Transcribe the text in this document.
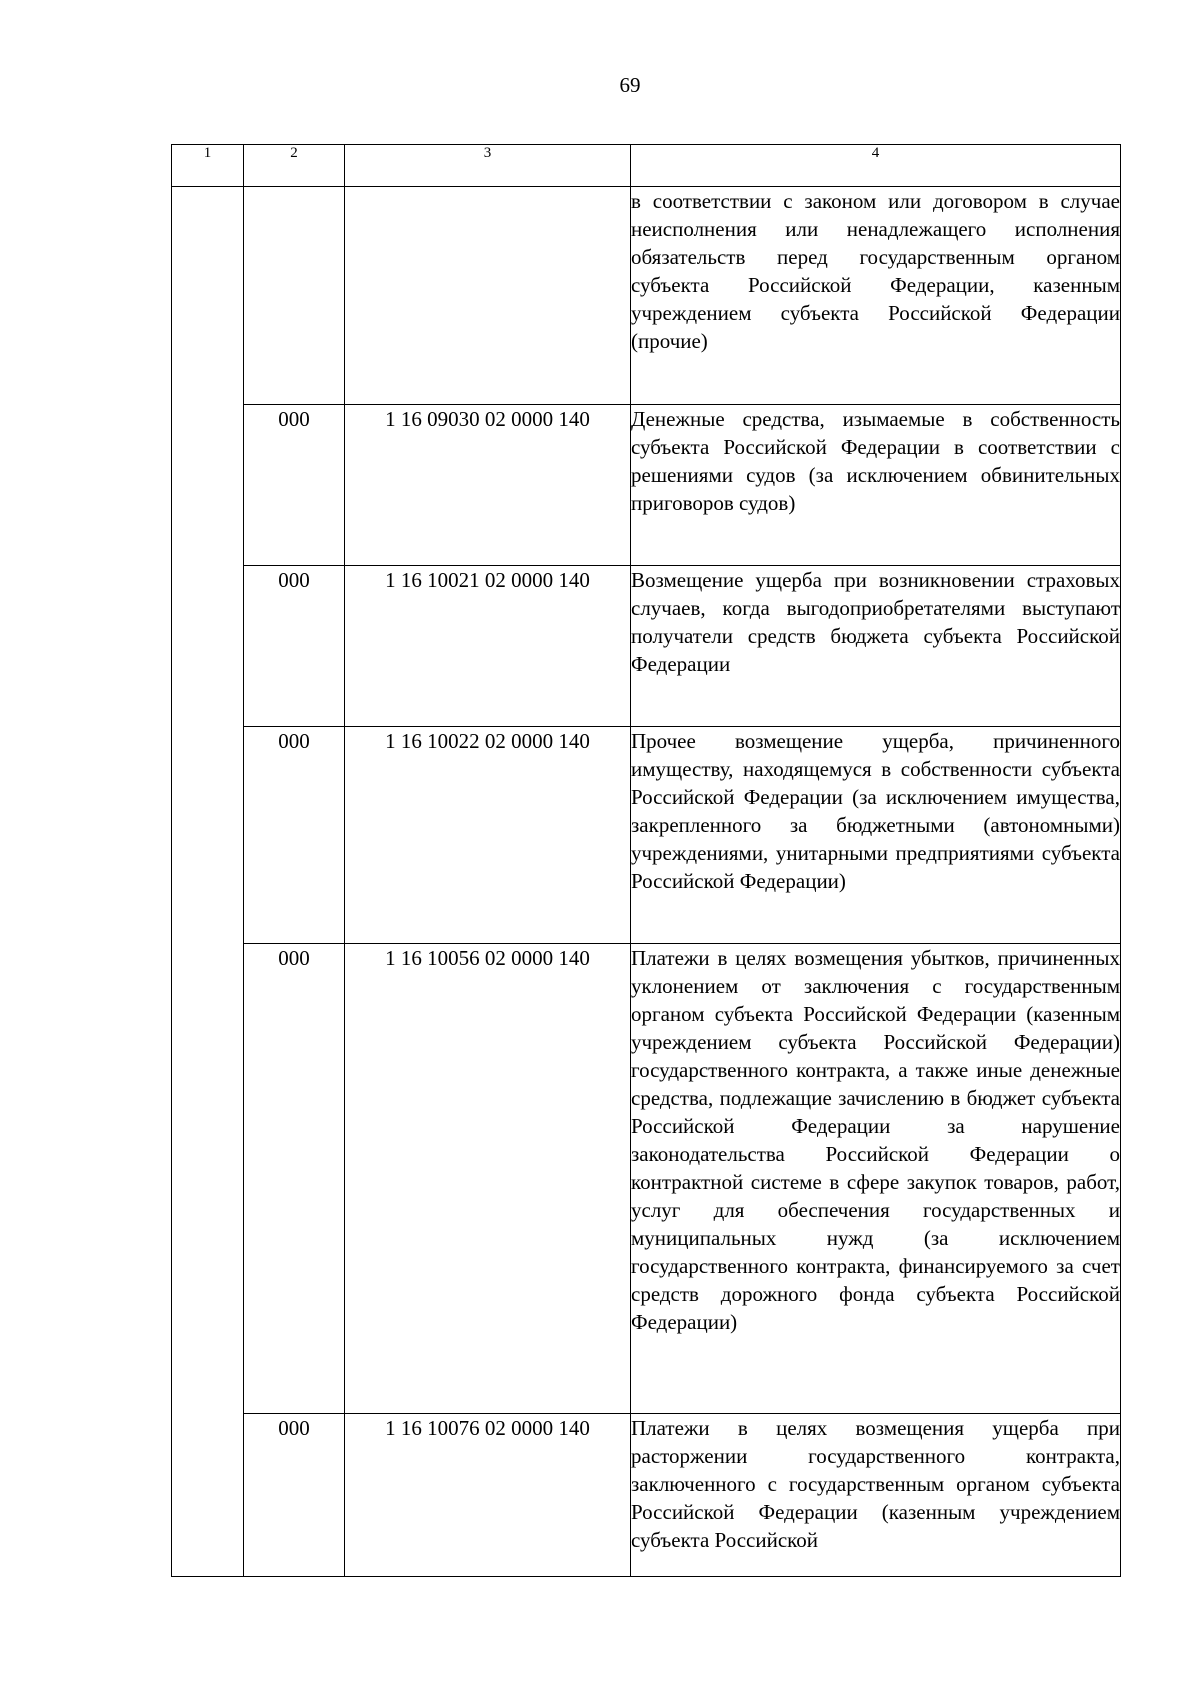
69
1	2	3	4

			в соответствии с законом или договором в случае неисполнения или ненадлежащего исполнения обязательств перед государственным органом субъекта Российской Федерации, казенным учреждением субъекта Российской Федерации (прочие)

	000	1 16 09030 02 0000 140	Денежные средства, изымаемые в собственность субъекта Российской Федерации в соответствии с решениями судов (за исключением обвинительных приговоров судов)

	000	1 16 10021 02 0000 140	Возмещение ущерба при возникновении страховых случаев, когда выгодоприобретателями выступают получатели средств бюджета субъекта Российской Федерации

	000	1 16 10022 02 0000 140	Прочее возмещение ущерба, причиненного имуществу, находящемуся в собственности субъекта Российской Федерации (за исключением имущества, закрепленного за бюджетными (автономными) учреждениями, унитарными предприятиями субъекта Российской Федерации)

	000	1 16 10056 02 0000 140	Платежи в целях возмещения убытков, причиненных уклонением от заключения с государственным органом субъекта Российской Федерации (казенным учреждением субъекта Российской Федерации) государственного контракта, а также иные денежные средства, подлежащие зачислению в бюджет субъекта Российской Федерации за нарушение законодательства Российской Федерации о контрактной системе в сфере закупок товаров, работ, услуг для обеспечения государственных и муниципальных нужд (за исключением государственного контракта, финансируемого за счет средств дорожного фонда субъекта Российской Федерации)

	000	1 16 10076 02 0000 140	Платежи в целях возмещения ущерба при расторжении государственного контракта, заключенного с государственным органом субъекта Российской Федерации (казенным учреждением субъекта Российской
